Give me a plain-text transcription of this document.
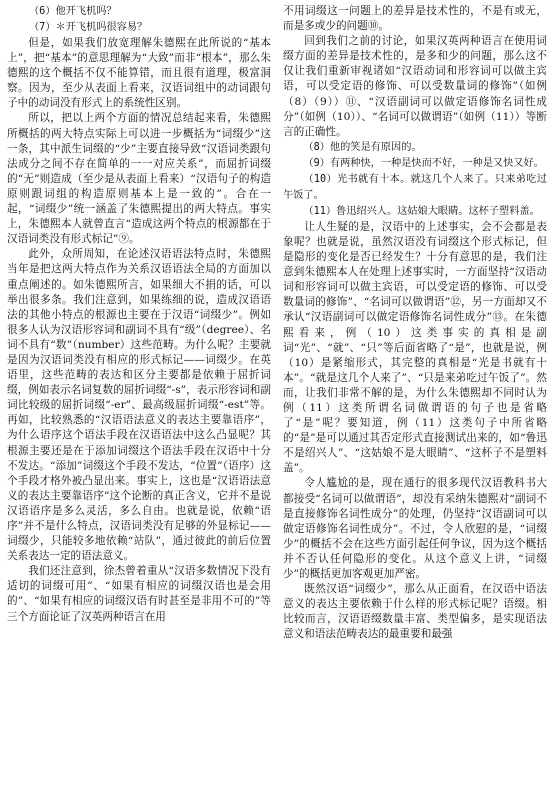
（6）他开飞机吗？

（7）＊开飞机吗很容易？

但是，如果我们放宽理解朱德熙在此所说的“基本上”，把“基本”的意思理解为“大致”而非“根本”，那么朱德熙的这个概括不仅不能算错，而且很有道理，极富洞察。因为，至少从表面上看来，汉语词组中的动词跟句子中的动词没有形式上的系统性区别。

所以，把以上两个方面的情况总结起来看，朱德熙所概括的两大特点实际上可以进一步概括为“词缀少”这一条，其中派生词缀的“少”主要直接导致“汉语词类跟句法成分之间不存在简单的一一对应关系”，而屈折词缀的“无”则造成（至少是从表面上看来）“汉语句子的构造原则跟词组的构造原则基本上是一致的”。合在一起，“词缀少”统一涵盖了朱德熙提出的两大特点。事实上，朱德熙本人就曾直言“造成这两个特点的根源都在于汉语词类没有形式标记”⑨。

此外，众所周知，在论述汉语语法特点时，朱德熙当年是把这两大特点作为关系汉语语法全局的方面加以重点阐述的。如朱德熙所言，如果细大不捐的话，可以举出很多条。我们注意到，如果练细的说，造成汉语语法的其他小特点的根源也主要在于汉语“词缀少”。例如很多人认为汉语形容词和副词不具有“级”（degree）、名词不具有“数”（number）这些范畴。为什么呢？主要就是因为汉语词类没有相应的形式标记——词缀少。在英语里，这些范畴的表达和区分主要都是依赖于屈折词缀，例如表示名词复数的屈折词缀“-s”，表示形容词和副词比较级的屈折词缀“-er”、最高级屈折词缀“-est”等。再如，比较熟悉的“汉语语法意义的表达主要靠语序”，为什么语序这个语法手段在汉语语法中这么凸显呢？其根源主要还是在于添加词缀这个语法手段在汉语中十分不发达。“添加”词缀这个手段不发达，“位置”（语序）这个手段才格外被凸显出来。事实上，这也是“汉语语法意义的表达主要靠语序”这个论断的真正含义，它并不是说汉语语序是多么灵活，多么自由。也就是说，依赖“语序”并不是什么特点，汉语词类没有足够的外显标记——词缀少，只能较多地依赖“站队”，通过彼此的前后位置关系表达一定的语法意义。

我们还注意到，徐杰曾着重从“汉语多数情况下没有适切的词缀可用”、“如果有相应的词缀汉语也是会用的”、“如果有相应的词缀汉语有时甚至是非用不可的”等三个方面论证了汉英两种语言在用

不用词缀这一问题上的差异是技术性的，不是有或无，而是多或少的问题⑩。

回到我们之前的讨论，如果汉英两种语言在使用词缀方面的差异是技术性的，是多和少的问题，那么这不仅让我们重新审视诸如“汉语动词和形容词可以做主宾语，可以受定语的修饰、可以受数量词的修饰”（如例（8）（9））⑪、“汉语副词可以做定语修饰名词性成分”（如例（10））、“名词可以做谓语”（如例（11））等断言的正确性。

（8）他的笑是有原因的。

（9）有两种快，一种是快而不好，一种是又快又好。

（10）光书就有十本。就这几个人来了。只来弟吃过午饭了。

（11）鲁迅绍兴人。这姑娘大眼睛。这杯子塑料盖。

让人生疑的是，汉语中的上述事实，会不会都是表象呢？也就是说，虽然汉语没有词缀这个形式标记，但是隐形的变化是否已经发生？十分有意思的是，我们注意到朱德熙本人在处理上述事实时，一方面坚持“汉语动词和形容词可以做主宾语，可以受定语的修饰、可以受数量词的修饰”、“名词可以做谓语”⑫，另一方面却又不承认“汉语副词可以做定语修饰名词性成分”⑬。在朱德熙看来，例（10）这类事实的真相是副词“光”、“就”、“只”等后面省略了“是”，也就是说，例（10）是紧缩形式，其完整的真相是“光是书就有十本”。“就是这几个人来了”、“只是来弟吃过午饭了”。然而，让我们非常不解的是，为什么朱德熙却不同时认为例（11）这类所谓名词做谓语的句子也是省略了“是”呢？要知道，例（11）这类句子中所省略的“是”是可以通过其否定形式直接测试出来的，如“鲁迅不是绍兴人”、“这姑娘不是大眼睛”、“这杯子不是塑料盖”。

令人尴尬的是，现在通行的很多现代汉语教科书大都接受“名词可以做谓语”，却没有采纳朱德熙对“副词不是直接修饰名词性成分”的处理，仍坚持“汉语副词可以做定语修饰名词性成分”。不过，令人欣慰的是，“词缀少”的概括不会在这些方面引起任何争议，因为这个概括并不否认任何隐形的变化。从这个意义上讲，“词缀少”的概括更加客观更加严密。

既然汉语“词缀少”，那么从正面看，在汉语中语法意义的表达主要依赖于什么样的形式标记呢？语缀。相比较而言，汉语语缀数量丰富、类型偏多，是实现语法意义和语法范畴表达的最重要和最强
